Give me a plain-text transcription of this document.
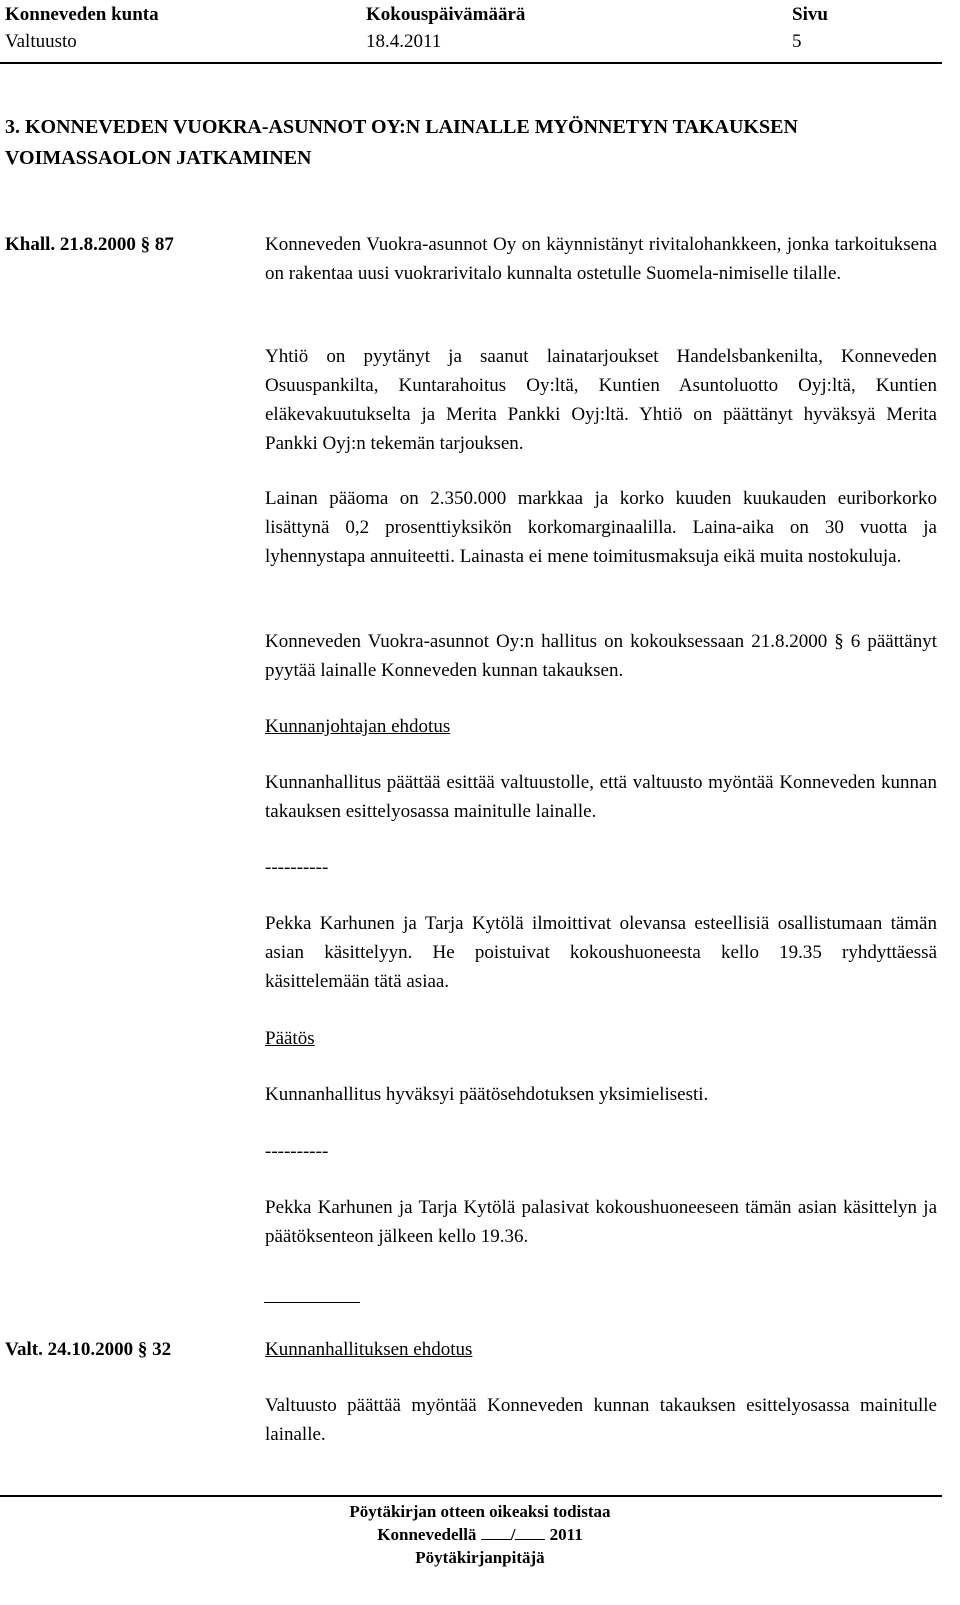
Konneveden kunta
Valtuusto
Kokouspäivämäärä
18.4.2011
Sivu
5
3. KONNEVEDEN VUOKRA-ASUNNOT OY:N LAINALLE MYÖNNETYN TAKAUKSEN
VOIMASSAOLON JATKAMINEN
Khall. 21.8.2000 § 87	Konneveden Vuokra-asunnot Oy on käynnistänyt rivitalohankkeen, jonka tarkoituksena on rakentaa uusi vuokrarivitalo kunnalta ostetulle Suomela-nimiselle tilalle.
Yhtiö on pyytänyt ja saanut lainatarjoukset Handelsbankenilta, Konneveden Osuuspankilta, Kuntarahoitus Oy:ltä, Kuntien Asuntoluotto Oyj:ltä, Kuntien eläkevakuutukselta ja Merita Pankki Oyj:ltä. Yhtiö on päättänyt hyväksyä Merita Pankki Oyj:n tekemän tarjouksen.
Lainan pääoma on 2.350.000 markkaa ja korko kuuden kuukauden euriborkorko lisättynä 0,2 prosenttiyksikön korkomarginaalilla. Laina-aika on 30 vuotta ja lyhennystapa annuiteetti. Lainasta ei mene toimitusmaksuja eikä muita nostokuluja.
Konneveden Vuokra-asunnot Oy:n hallitus on kokouksessaan 21.8.2000 § 6 päättänyt pyytää lainalle Konneveden kunnan takauksen.
Kunnanjohtajan ehdotus
Kunnanhallitus päättää esittää valtuustolle, että valtuusto myöntää Konneveden kunnan takauksen esittelyosassa mainitulle lainalle.
----------
Pekka Karhunen ja Tarja Kytölä ilmoittivat olevansa esteellisiä osallistumaan tämän asian käsittelyyn. He poistuivat kokoushuoneesta kello 19.35 ryhdyttäessä käsittelemään tätä asiaa.
Päätös
Kunnanhallitus hyväksyi päätösehdotuksen yksimielisesti.
----------
Pekka Karhunen ja Tarja Kytölä palasivat kokoushuoneeseen tämän asian käsittelyn ja päätöksenteon jälkeen kello 19.36.
Valt. 24.10.2000 § 32	Kunnanhallituksen ehdotus
Valtuusto päättää myöntää Konneveden kunnan takauksen esittelyosassa mainitulle lainalle.
Pöytäkirjan otteen oikeaksi todistaa
Konnevedellä / 2011
Pöytäkirjanpitäjä
